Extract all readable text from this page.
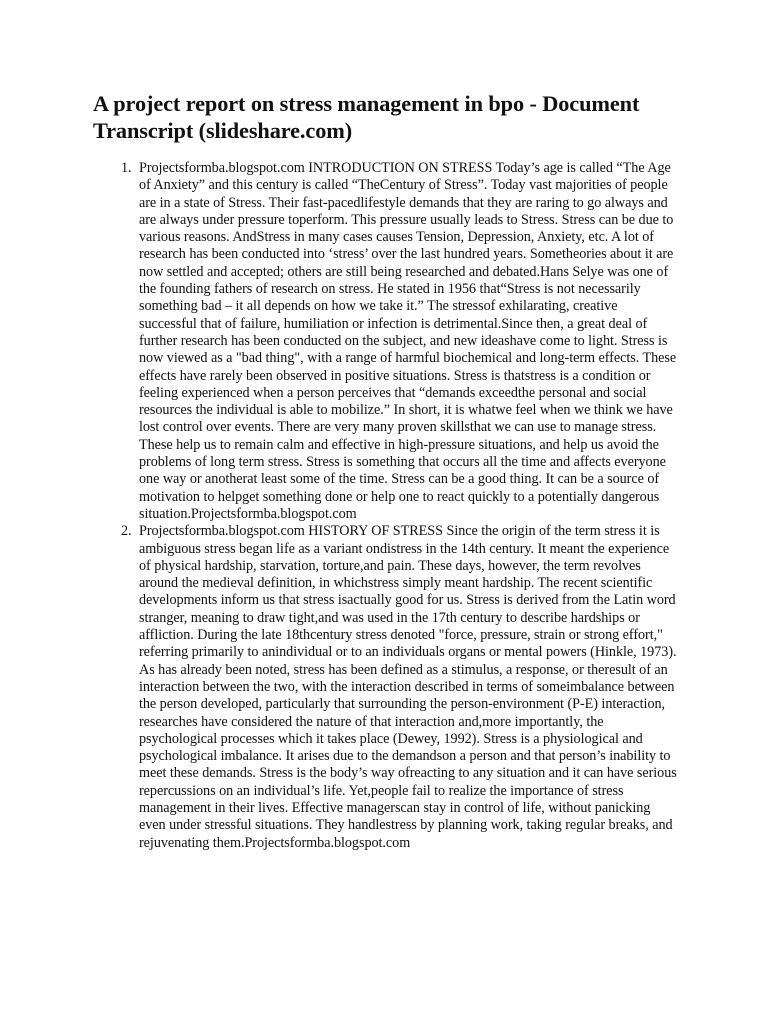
A project report on stress management in bpo - Document Transcript (slideshare.com)
1. Projectsformba.blogspot.com INTRODUCTION ON STRESS Today’s age is called “The Age of Anxiety” and this century is called “TheCentury of Stress”. Today vast majorities of people are in a state of Stress. Their fast-pacedlifestyle demands that they are raring to go always and are always under pressure toperform. This pressure usually leads to Stress. Stress can be due to various reasons. AndStress in many cases causes Tension, Depression, Anxiety, etc. A lot of research has been conducted into ‘stress’ over the last hundred years. Sometheories about it are now settled and accepted; others are still being researched and debated.Hans Selye was one of the founding fathers of research on stress. He stated in 1956 that“Stress is not necessarily something bad – it all depends on how we take it.” The stressof exhilarating, creative successful that of failure, humiliation or infection is detrimental.Since then, a great deal of further research has been conducted on the subject, and new ideashave come to light. Stress is now viewed as a "bad thing", with a range of harmful biochemical and long-term effects. These effects have rarely been observed in positive situations. Stress is thatstress is a condition or feeling experienced when a person perceives that “demands exceedthe personal and social resources the individual is able to mobilize.” In short, it is whatwe feel when we think we have lost control over events. There are very many proven skillsthat we can use to manage stress. These help us to remain calm and effective in high-pressure situations, and help us avoid the problems of long term stress. Stress is something that occurs all the time and affects everyone one way or anotherat least some of the time. Stress can be a good thing. It can be a source of motivation to helpget something done or help one to react quickly to a potentially dangerous situation.Projectsformba.blogspot.com
2. Projectsformba.blogspot.com HISTORY OF STRESS Since the origin of the term stress it is ambiguous stress began life as a variant ondistress in the 14th century. It meant the experience of physical hardship, starvation, torture,and pain. These days, however, the term revolves around the medieval definition, in whichstress simply meant hardship. The recent scientific developments inform us that stress isactually good for us. Stress is derived from the Latin word stranger, meaning to draw tight,and was used in the 17th century to describe hardships or affliction. During the late 18thcentury stress denoted "force, pressure, strain or strong effort," referring primarily to anindividual or to an individuals organs or mental powers (Hinkle, 1973). As has already been noted, stress has been defined as a stimulus, a response, or theresult of an interaction between the two, with the interaction described in terms of someimbalance between the person developed, particularly that surrounding the person-environment (P-E) interaction, researches have considered the nature of that interaction and,more importantly, the psychological processes which it takes place (Dewey, 1992). Stress is a physiological and psychological imbalance. It arises due to the demandson a person and that person’s inability to meet these demands. Stress is the body’s way ofreacting to any situation and it can have serious repercussions on an individual’s life. Yet,people fail to realize the importance of stress management in their lives. Effective managerscan stay in control of life, without panicking even under stressful situations. They handlestress by planning work, taking regular breaks, and rejuvenating them.Projectsformba.blogspot.com
